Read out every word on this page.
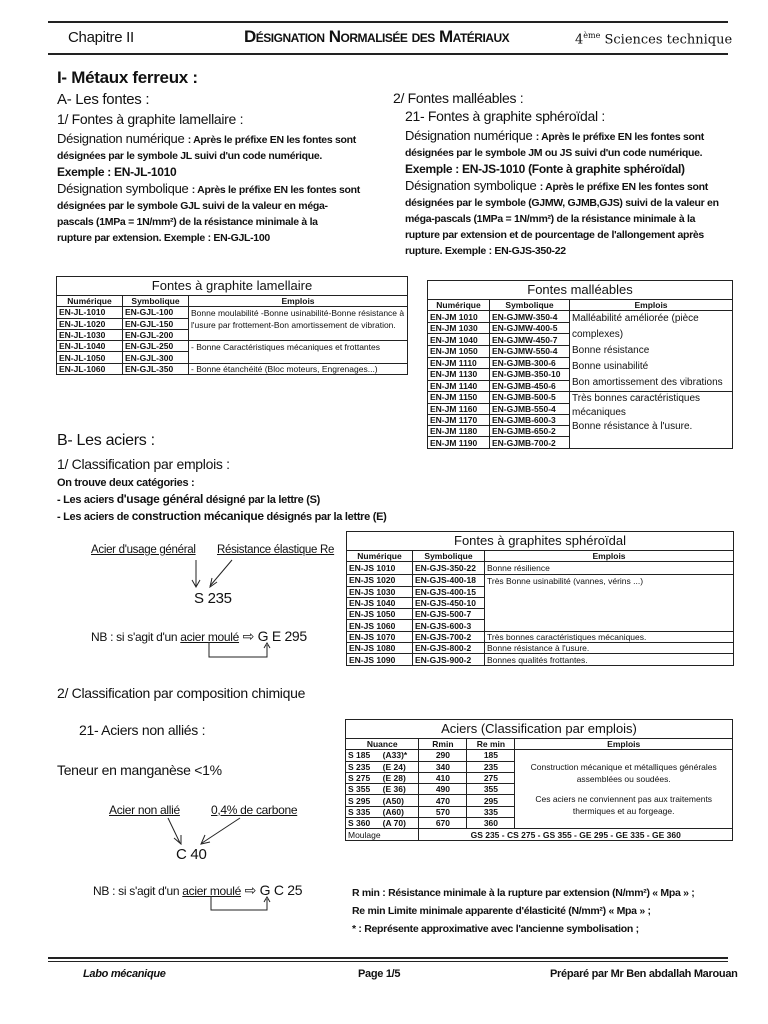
Chapitre II	Désignation Normalisée des Matériaux	4ème Sciences technique
I- Métaux ferreux :
A- Les fontes :
1/ Fontes à graphite lamellaire :
Désignation numérique : Après le préfixe EN les fontes sont
désignées par le symbole JL suivi d'un code numérique.
Exemple : EN-JL-1010
Désignation symbolique : Après le préfixe EN les fontes sont
désignées par le symbole GJL suivi de la valeur en méga-
pascals (1MPa = 1N/mm²) de la résistance minimale à la
rupture par extension. Exemple : EN-GJL-100
2/ Fontes malléables :
21- Fontes à graphite sphéroïdal :
Désignation numérique : Après le préfixe EN les fontes sont
désignées par le symbole JM ou JS suivi d'un code numérique.
Exemple : EN-JS-1010 (Fonte à graphite sphéroïdal)
Désignation symbolique : Après le préfixe EN les fontes sont
désignées par le symbole (GJMW, GJMB,GJS) suivi de la valeur en
méga-pascals (1MPa = 1N/mm²) de la résistance minimale à la
rupture par extension et de pourcentage de l'allongement après
rupture. Exemple : EN-GJS-350-22
Fontes à graphite lamellaire
Numérique	Symbolique	Emplois
EN-JL-1010	EN-GJL-100	Bonne moulabilité -Bonne usinabilité-Bonne résistance à l'usure par frottement-Bon amortissement de vibration.
EN-JL-1020	EN-GJL-150	
EN-JL-1030	EN-GJL-200	
EN-JL-1040	EN-GJL-250	- Bonne Caractéristiques mécaniques et frottantes
EN-JL-1050	EN-GJL-300	
EN-JL-1060	EN-GJL-350	- Bonne étanchéité (Bloc moteurs, Engrenages...)
Fontes malléables
Numérique	Symbolique	Emplois
EN-JM 1010	EN-GJMW-350-4	Malléabilité améliorée (pièce complexes)
Bonne résistance
Bonne usinabilité
Bon amortissement des vibrations

EN-JM 1030	EN-GJMW-400-5	
EN-JM 1040	EN-GJMW-450-7	
EN-JM 1050	EN-GJMW-550-4	
EN-JM 1110	EN-GJMB-300-6	
EN-JM 1130	EN-GJMB-350-10	
EN-JM 1140	EN-GJMB-450-6	
EN-JM 1150	EN-GJMB-500-5	Très bonnes caractéristiques mécaniques
Bonne résistance à l'usure.

EN-JM 1160	EN-GJMB-550-4	
EN-JM 1170	EN-GJMB-600-3	
EN-JM 1180	EN-GJMB-650-2	
EN-JM 1190	EN-GJMB-700-2	
B- Les aciers :
1/ Classification par emplois :
On trouve deux catégories :
- Les aciers d'usage général désigné par la lettre (S)
- Les aciers de construction mécanique désignés par la lettre (E)
Acier d'usage général Résistance élastique Re
S 235
NB : si s'agit d'un acier moulé ⇨ G E 295
2/ Classification par composition chimique
21- Aciers non alliés :
Teneur en manganèse <1%
Acier non allié	0,4% de carbone
C 40
NB : si s'agit d'un acier moulé ⇨ G C 25
Fontes à graphites sphéroïdal
Numérique	Symbolique	Emplois
EN-JS 1010	EN-GJS-350-22	Bonne résilience
EN-JS 1020	EN-GJS-400-18	Très Bonne usinabilité (vannes, vérins ...)
EN-JS 1030	EN-GJS-400-15	
EN-JS 1040	EN-GJS-450-10	
EN-JS 1050	EN-GJS-500-7	
EN-JS 1060	EN-GJS-600-3	
EN-JS 1070	EN-GJS-700-2	Très bonnes caractéristiques mécaniques.
EN-JS 1080	EN-GJS-800-2	Bonne résistance à l'usure.
EN-JS 1090	EN-GJS-900-2	Bonnes qualités frottantes.
Aciers (Classification par emplois)
Nuance		Rmin	Re min	Emplois
S 185	(A33)*	290	185	Construction mécanique et métalliques générales assemblées ou soudées.
Ces aciers ne conviennent pas aux traitements thermiques et au forgeage.

S 235	(E 24)	340	235	
S 275	(E 28)	410	275	
S 355	(E 36)	490	355	
S 295	(A50)	470	295	
S 335	(A60)	570	335	
S 360	(A 70)	670	360	
Moulage		GS 235 - CS 275 - GS 355 - GE 295 - GE 335 - GE 360		
R min : Résistance minimale à la rupture par extension (N/mm²) « Mpa » ;
Re min Limite minimale apparente d'élasticité (N/mm²) « Mpa » ;
* : Représente approximative avec l'ancienne symbolisation ;
Labo mécanique	Page 1/5	Préparé par Mr Ben abdallah Marouan
